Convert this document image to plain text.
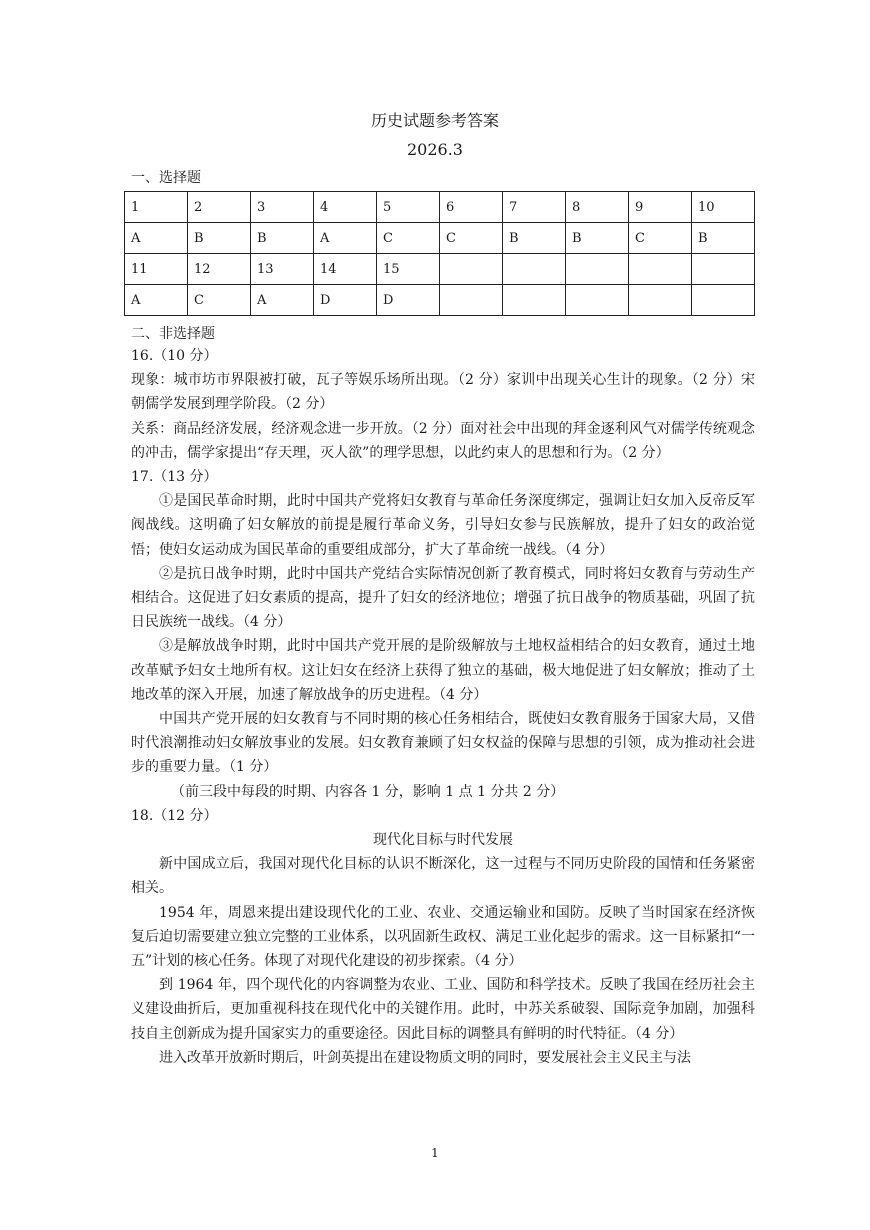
历史试题参考答案
2026.3
一、选择题
1	2	3	4	5	6	7	8	9	10
A	B	B	A	C	C	B	B	C	B
11	12	13	14	15					
A	C	A	D	D					
二、非选择题

16.（10 分）

现象：城市坊市界限被打破，瓦子等娱乐场所出现。（2 分）家训中出现关心生计的现象。（2 分）宋朝儒学发展到理学阶段。（2 分）

关系：商品经济发展，经济观念进一步开放。（2 分）面对社会中出现的拜金逐利风气对儒学传统观念的冲击，儒学家提出“存天理，灭人欲”的理学思想，以此约束人的思想和行为。（2 分）

17.（13 分）

①是国民革命时期，此时中国共产党将妇女教育与革命任务深度绑定，强调让妇女加入反帝反军阀战线。这明确了妇女解放的前提是履行革命义务，引导妇女参与民族解放，提升了妇女的政治觉悟；使妇女运动成为国民革命的重要组成部分，扩大了革命统一战线。（4 分）

②是抗日战争时期，此时中国共产党结合实际情况创新了教育模式，同时将妇女教育与劳动生产相结合。这促进了妇女素质的提高，提升了妇女的经济地位；增强了抗日战争的物质基础，巩固了抗日民族统一战线。（4 分）

③是解放战争时期，此时中国共产党开展的是阶级解放与土地权益相结合的妇女教育，通过土地改革赋予妇女土地所有权。这让妇女在经济上获得了独立的基础，极大地促进了妇女解放；推动了土地改革的深入开展，加速了解放战争的历史进程。（4 分）

中国共产党开展的妇女教育与不同时期的核心任务相结合，既使妇女教育服务于国家大局，又借时代浪潮推动妇女解放事业的发展。妇女教育兼顾了妇女权益的保障与思想的引领，成为推动社会进步的重要力量。（1 分）

（前三段中每段的时期、内容各 1 分，影响 1 点 1 分共 2 分）

18.（12 分）

现代化目标与时代发展

新中国成立后，我国对现代化目标的认识不断深化，这一过程与不同历史阶段的国情和任务紧密相关。

1954 年，周恩来提出建设现代化的工业、农业、交通运输业和国防。反映了当时国家在经济恢复后迫切需要建立独立完整的工业体系，以巩固新生政权、满足工业化起步的需求。这一目标紧扣“一五”计划的核心任务。体现了对现代化建设的初步探索。（4 分）

到 1964 年，四个现代化的内容调整为农业、工业、国防和科学技术。反映了我国在经历社会主义建设曲折后，更加重视科技在现代化中的关键作用。此时，中苏关系破裂、国际竞争加剧，加强科技自主创新成为提升国家实力的重要途径。因此目标的调整具有鲜明的时代特征。（4 分）

进入改革开放新时期后，叶剑英提出在建设物质文明的同时，要发展社会主义民主与法

1
